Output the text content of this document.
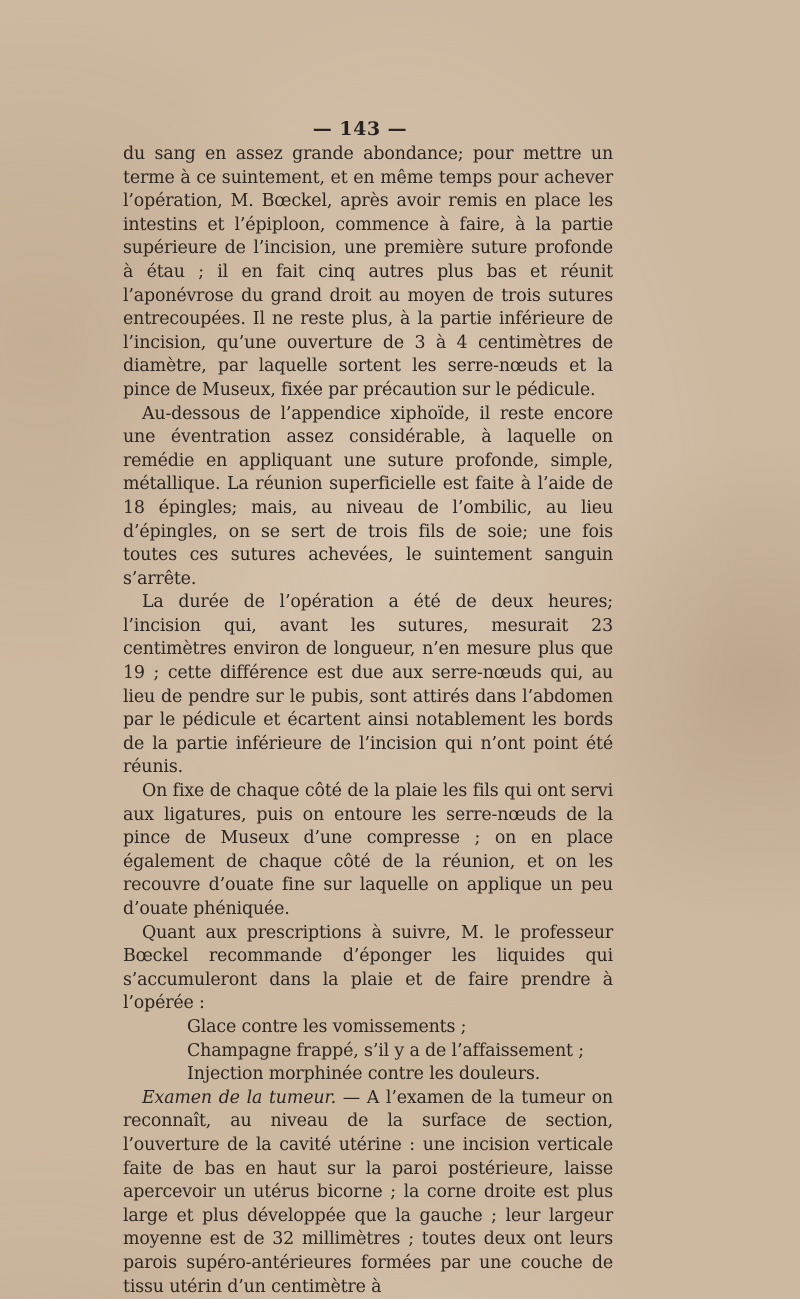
— 143 —

du sang en assez grande abondance; pour mettre un terme à ce suintement, et en même temps pour achever l’opération, M. Bœckel, après avoir remis en place les intestins et l’épiploon, commence à faire, à la partie supérieure de l’incision, une première suture profonde à étau ; il en fait cinq autres plus bas et réunit l’aponévrose du grand droit au moyen de trois sutures entrecoupées. Il ne reste plus, à la partie inférieure de l’incision, qu’une ouverture de 3 à 4 centimètres de diamètre, par laquelle sortent les serre-nœuds et la pince de Museux, fixée par précaution sur le pédicule.

Au-dessous de l’appendice xiphoïde, il reste encore une éventration assez considérable, à laquelle on remédie en appliquant une suture profonde, simple, métallique. La réunion superficielle est faite à l’aide de 18 épingles; mais, au niveau de l’ombilic, au lieu d’épingles, on se sert de trois fils de soie; une fois toutes ces sutures achevées, le suintement sanguin s’arrête.

La durée de l’opération a été de deux heures; l’incision qui, avant les sutures, mesurait 23 centimètres environ de longueur, n’en mesure plus que 19 ; cette différence est due aux serre-nœuds qui, au lieu de pendre sur le pubis, sont attirés dans l’abdomen par le pédicule et écartent ainsi notablement les bords de la partie inférieure de l’incision qui n’ont point été réunis.

On fixe de chaque côté de la plaie les fils qui ont servi aux ligatures, puis on entoure les serre-nœuds de la pince de Museux d’une compresse ; on en place également de chaque côté de la réunion, et on les recouvre d’ouate fine sur laquelle on applique un peu d’ouate phéniquée.

Quant aux prescriptions à suivre, M. le professeur Bœckel recommande d’éponger les liquides qui s’accumuleront dans la plaie et de faire prendre à l’opérée :

Glace contre les vomissements ;

Champagne frappé, s’il y a de l’affaissement ;

Injection morphinée contre les douleurs.

Examen de la tumeur. — A l’examen de la tumeur on reconnaît, au niveau de la surface de section, l’ouverture de la cavité utérine : une incision verticale faite de bas en haut sur la paroi postérieure, laisse apercevoir un utérus bicorne ; la corne droite est plus large et plus développée que la gauche ; leur largeur moyenne est de 32 millimètres ; toutes deux ont leurs parois supéro-antérieures formées par une couche de tissu utérin d’un centimètre à
